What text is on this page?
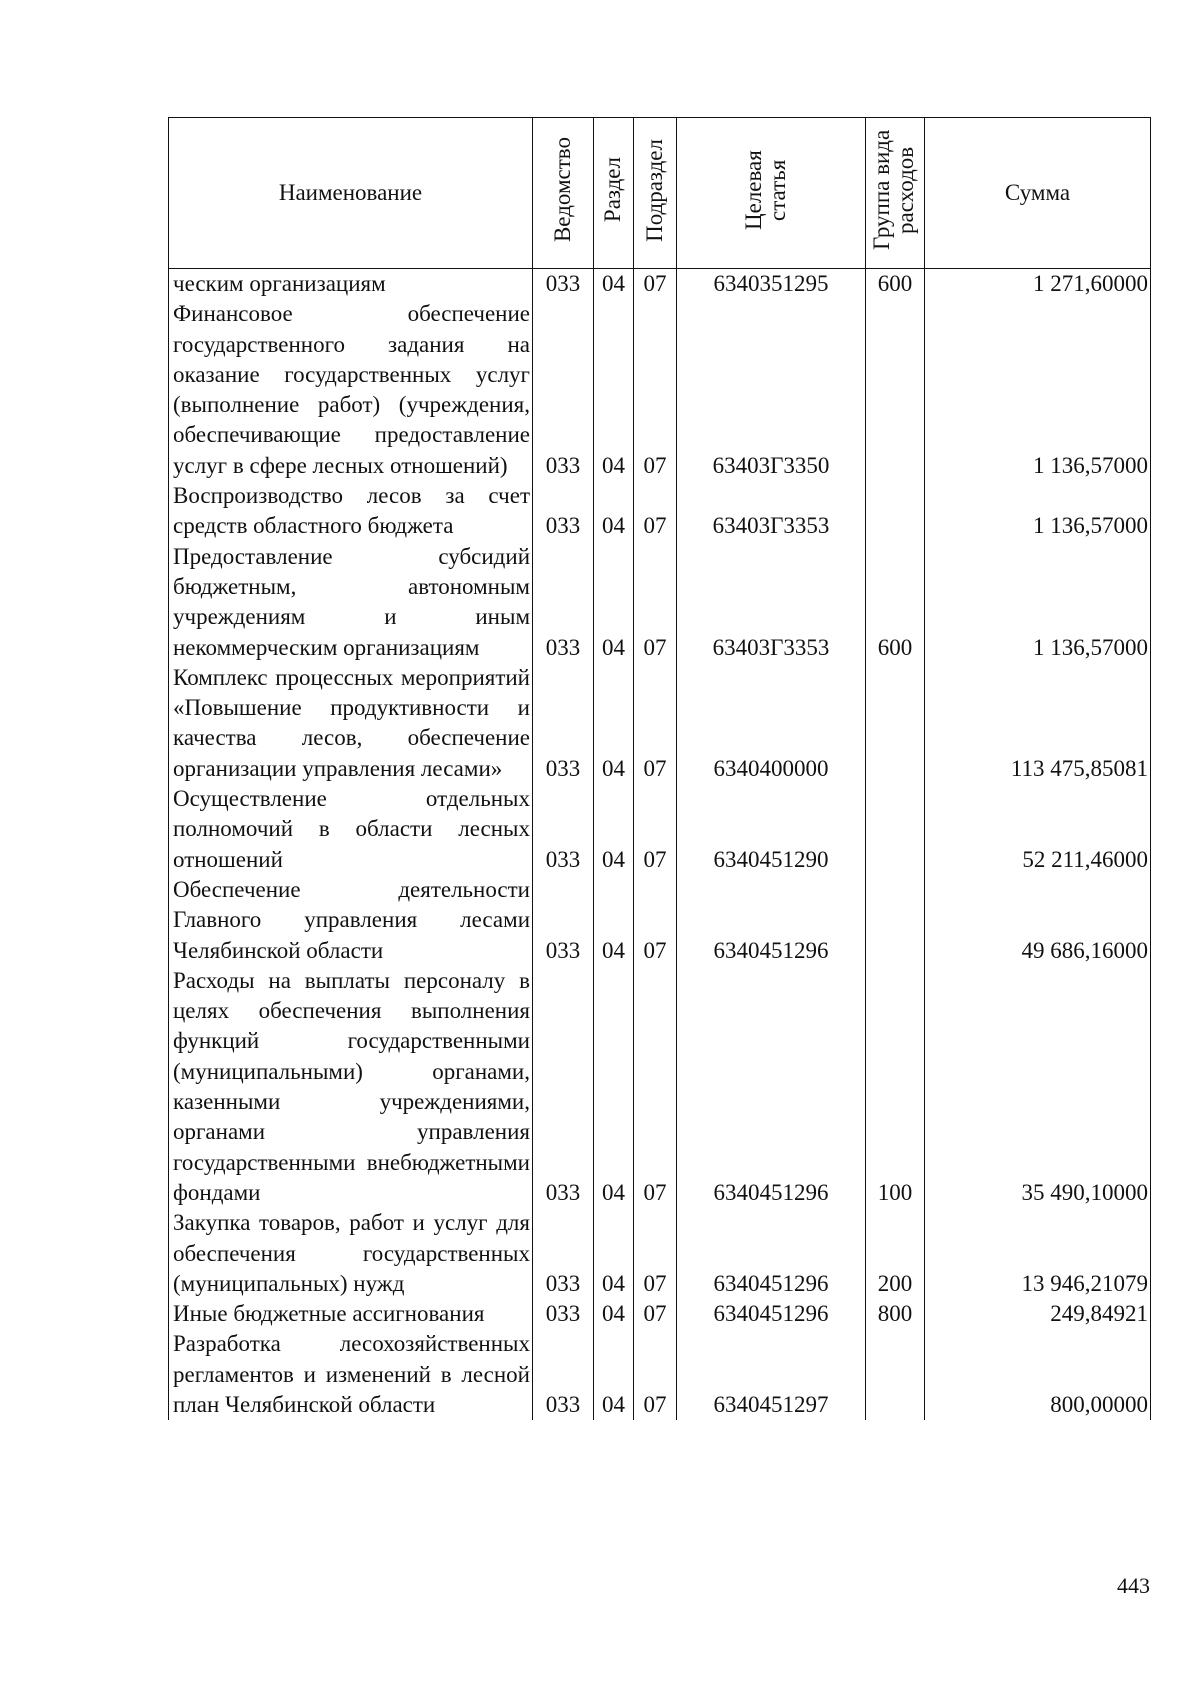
Наименование	Ведомство	Раздел	Подраздел	Целевая статья	Группа вида расходов	Сумма
ческим организациям	033	04	07	6340351295	600	1 271,60000
Финансовое обеспечение государственного задания на оказание государственных услуг (выполнение работ) (учреждения, обеспечивающие предоставление услуг в сфере лесных отношений)	033	04	07	63403Г3350		1 136,57000
Воспроизводство лесов за счет средств областного бюджета	033	04	07	63403Г3353		1 136,57000
Предоставление субсидий бюджетным, автономным учреждениям и иным некоммерческим организациям	033	04	07	63403Г3353	600	1 136,57000
Комплекс процессных мероприятий «Повышение продуктивности и качества лесов, обеспечение организации управления лесами»	033	04	07	6340400000		113 475,85081
Осуществление отдельных полномочий в области лесных отношений	033	04	07	6340451290		52 211,46000
Обеспечение деятельности Главного управления лесами Челябинской области	033	04	07	6340451296		49 686,16000
Расходы на выплаты персоналу в целях обеспечения выполнения функций государственными (муниципальными) органами, казенными учреждениями, органами управления государственными внебюджетными фондами	033	04	07	6340451296	100	35 490,10000
Закупка товаров, работ и услуг для обеспечения государственных (муниципальных) нужд	033	04	07	6340451296	200	13 946,21079
Иные бюджетные ассигнования	033	04	07	6340451296	800	249,84921
Разработка лесохозяйственных регламентов и изменений в лесной план Челябинской области	033	04	07	6340451297		800,00000
443
